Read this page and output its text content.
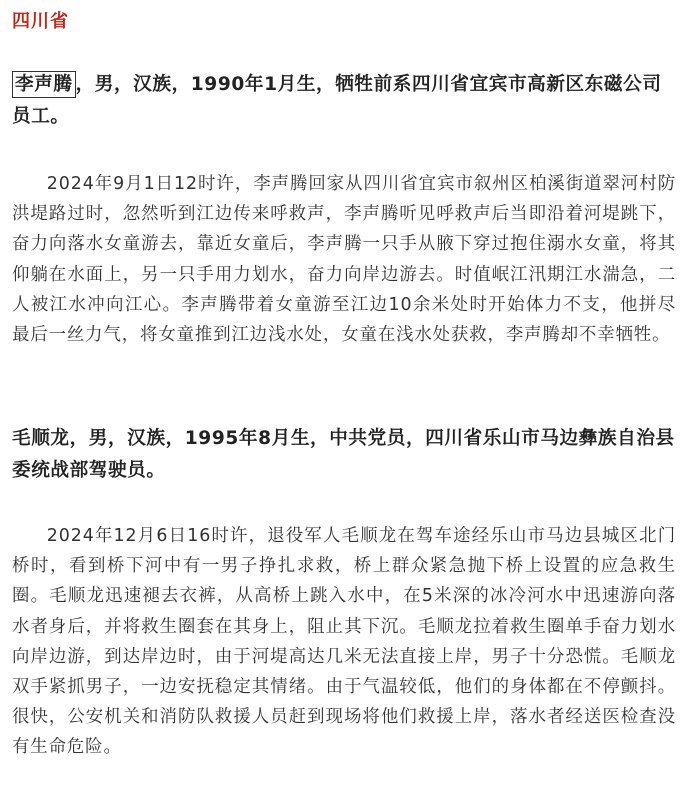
四川省

李声腾 ，男，汉族，1990年1月生，牺牲前系四川省宜宾市高新区东磁公司员工。

2024年9月1日12时许，李声腾回家从四川省宜宾市叙州区柏溪街道翠河村防洪堤路过时，忽然听到江边传来呼救声，李声腾听见呼救声后当即沿着河堤跳下，奋力向落水女童游去，靠近女童后，李声腾一只手从腋下穿过抱住溺水女童，将其仰躺在水面上，另一只手用力划水，奋力向岸边游去。时值岷江汛期江水湍急，二人被江水冲向江心。李声腾带着女童游至江边10余米处时开始体力不支，他拼尽最后一丝力气，将女童推到江边浅水处，女童在浅水处获救，李声腾却不幸牺牲。

毛顺龙，男，汉族，1995年8月生，中共党员，四川省乐山市马边彝族自治县委统战部驾驶员。

2024年12月6日16时许，退役军人毛顺龙在驾车途经乐山市马边县城区北门桥时，看到桥下河中有一男子挣扎求救，桥上群众紧急抛下桥上设置的应急救生圈。毛顺龙迅速褪去衣裤，从高桥上跳入水中，在5米深的冰冷河水中迅速游向落水者身后，并将救生圈套在其身上，阻止其下沉。毛顺龙拉着救生圈单手奋力划水向岸边游，到达岸边时，由于河堤高达几米无法直接上岸，男子十分恐慌。毛顺龙双手紧抓男子，一边安抚稳定其情绪。由于气温较低，他们的身体都在不停颤抖。很快，公安机关和消防队救援人员赶到现场将他们救援上岸，落水者经送医检查没有生命危险。
